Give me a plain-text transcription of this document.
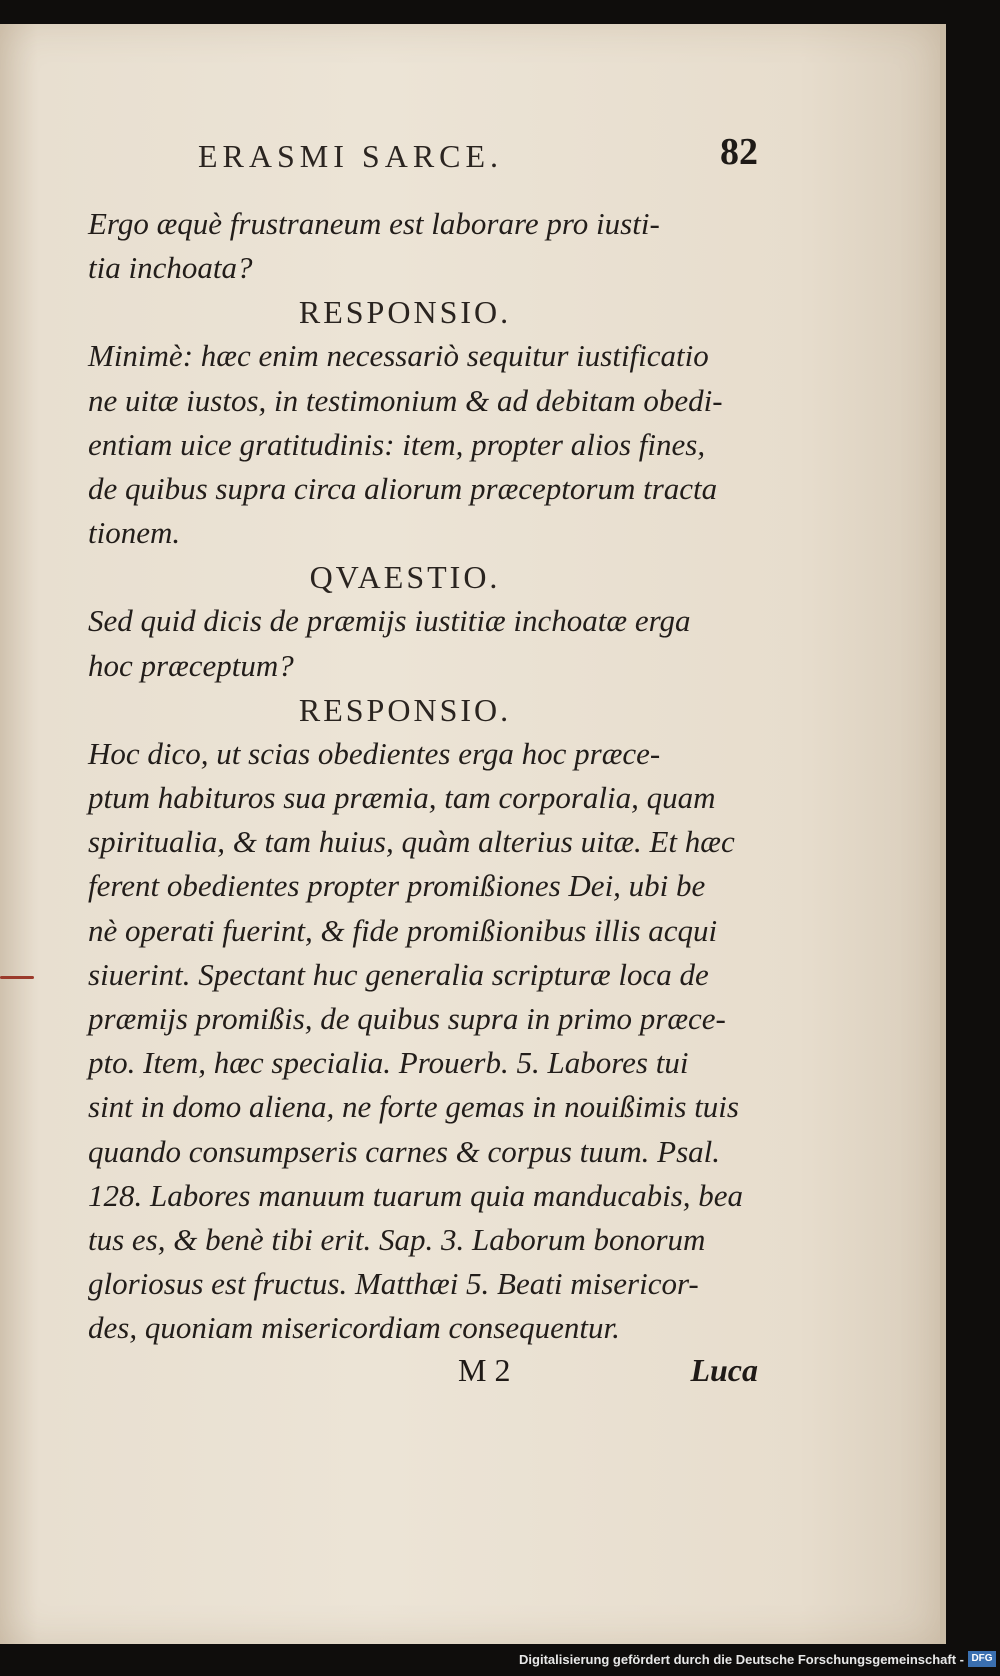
ERASMI SARCE.	82

Ergo æquè frustraneum est laborare pro iusti-
tia inchoata?

RESPONSIO.

Minimè: hæc enim necessariò sequitur iustificatio
ne uitæ iustos, in testimonium & ad debitam obedi-
entiam uice gratitudinis: item, propter alios fines,
de quibus supra circa aliorum præceptorum tracta
tionem.

QVAESTIO.

Sed quid dicis de præmijs iustitiæ inchoatæ erga
hoc præceptum?

RESPONSIO.

Hoc dico, ut scias obedientes erga hoc præce-
ptum habituros sua præmia, tam corporalia, quam
spiritualia, & tam huius, quàm alterius uitæ. Et hæc
ferent obedientes propter promißiones Dei, ubi be
nè operati fuerint, & fide promißionibus illis acqui
siuerint. Spectant huc generalia scripturæ loca de
præmijs promißis, de quibus supra in primo præce-
pto. Item, hæc specialia. Prouerb. 5. Labores tui
sint in domo aliena, ne forte gemas in nouißimis tuis
quando consumpseris carnes & corpus tuum. Psal.
128. Labores manuum tuarum quia manducabis, bea
tus es, & benè tibi erit. Sap. 3. Laborum bonorum
gloriosus est fructus. Matthæi 5. Beati misericor-
des, quoniam misericordiam consequentur.

M 2	Luca
Digitalisierung gefördert durch die Deutsche Forschungsgemeinschaft - DFG
